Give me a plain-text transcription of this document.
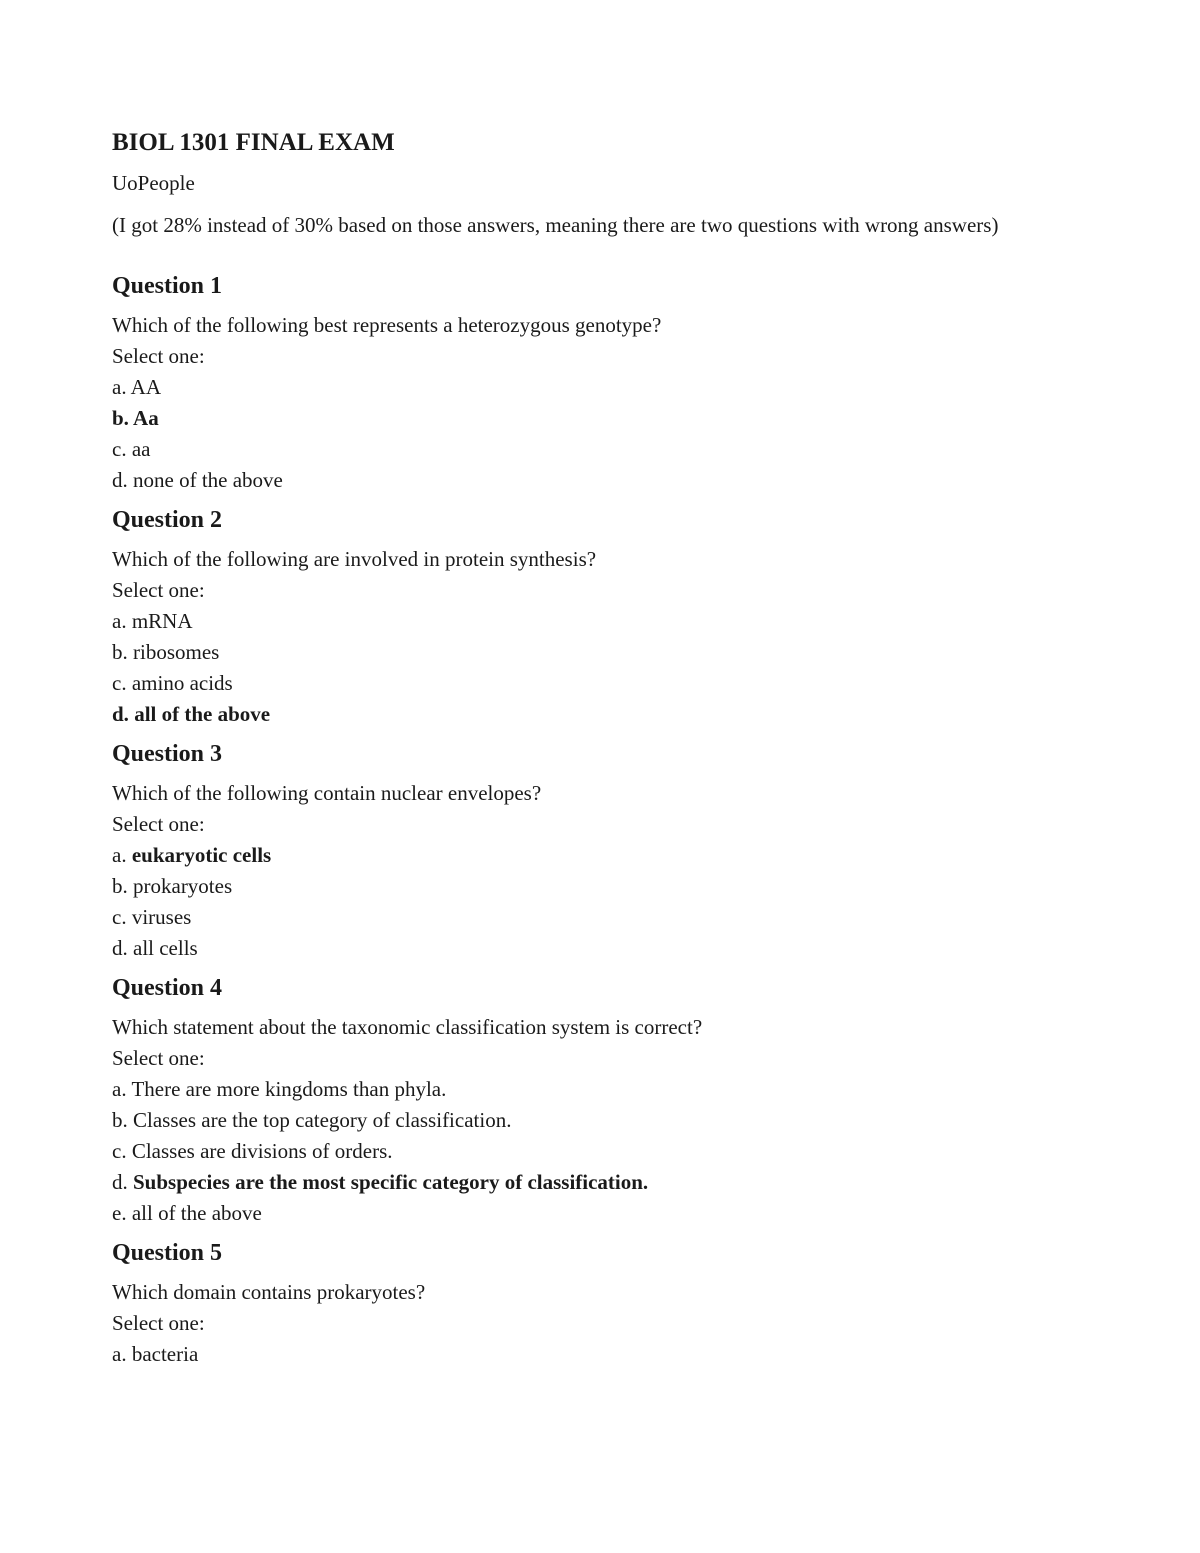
BIOL 1301 FINAL EXAM
UoPeople
(I got 28% instead of 30% based on those answers, meaning there are two questions with wrong answers)
Question 1
Which of the following best represents a heterozygous genotype?
Select one:
a. AA
b. Aa
c. aa
d. none of the above
Question 2
Which of the following are involved in protein synthesis?
Select one:
a. mRNA
b. ribosomes
c. amino acids
d. all of the above
Question 3
Which of the following contain nuclear envelopes?
Select one:
a. eukaryotic cells
b. prokaryotes
c. viruses
d. all cells
Question 4
Which statement about the taxonomic classification system is correct?
Select one:
a. There are more kingdoms than phyla.
b. Classes are the top category of classification.
c. Classes are divisions of orders.
d. Subspecies are the most specific category of classification.
e. all of the above
Question 5
Which domain contains prokaryotes?
Select one:
a. bacteria
